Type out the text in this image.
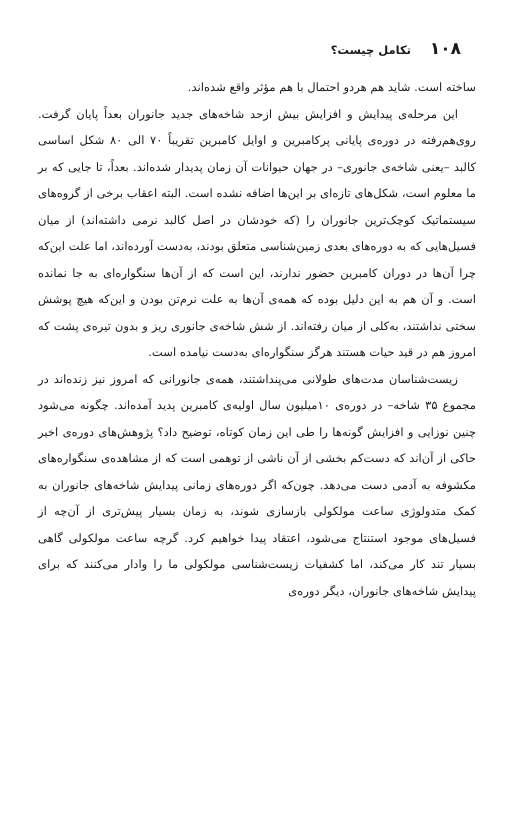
۱۰۸
تکامل چیست؟

ساخته است. شاید هم هردو احتمال با هم مؤثر واقع شده‌اند.

این مرحله‌ی پیدایش و افزایش بیش ازحد شاخه‌های جدید جانوران بعداً پایان گرفت. روی‌هم‌رفته در دوره‌ی پایانی پرکامبرین و اوایل کامبرین تقریباً ۷۰ الی ۸۰ شکل اساسی کالبد –یعنی شاخه‌ی جانوری– در جهان حیوانات آن زمان پدیدار شده‌اند. بعداً، تا جایی که بر ما معلوم است، شکل‌های تازه‌ای بر این‌ها اضافه نشده است. البته اعقاب برخی از گروه‌های سیستماتیک کوچک‌ترین جانوران را (که خودشان در اصل کالبد نرمی داشته‌اند) از میان فسیل‌هایی که به دوره‌های بعدی زمین‌شناسی متعلق بودند، به‌دست آورده‌اند، اما علت این‌که چرا آن‌ها در دوران کامبرین حضور ندارند، این است که از آن‌ها سنگواره‌ای به جا نمانده است. و آن هم به این دلیل بوده که همه‌ی آن‌ها به علت نرم‌تن بودن و این‌که هیچ پوشش سختی نداشتند، به‌کلی از میان رفته‌اند. از شش شاخه‌ی جانوری ریز و بدون تیره‌ی پشت که امروز هم در قید حیات هستند هرگز سنگواره‌ای به‌دست نیامده است.

زیست‌شناسان مدت‌های طولانی می‌پنداشتند، همه‌ی جانورانی که امروز نیز زنده‌اند در مجموع ۳۵ شاخه– در دوره‌ی ۱۰میلیون سال اولیه‌ی کامبرین پدید آمده‌اند. چگونه می‌شود چنین نوزایی و افزایش گونه‌ها را طی این زمان کوتاه، توضیح داد؟ پژوهش‌های دوره‌ی اخیر حاکی از آن‌اند که دست‌کم بخشی از آن ناشی از توهمی است که از مشاهده‌ی سنگواره‌های مکشوفه به آدمی دست می‌دهد. چون‌که اگر دوره‌های زمانی پیدایش شاخه‌های جانوران به کمک متدولوژی ساعت مولکولی بازسازی شوند، به زمان بسیار پیش‌تری از آن‌چه از فسیل‌های موجود استنتاج می‌شود، اعتقاد پیدا خواهیم کرد. گرچه ساعت مولکولی گاهی بسیار تند کار می‌کند، اما کشفیات زیست‌شناسی مولکولی ما را وادار می‌کنند که برای پیدایش شاخه‌های جانوران، دیگر دوره‌ی
